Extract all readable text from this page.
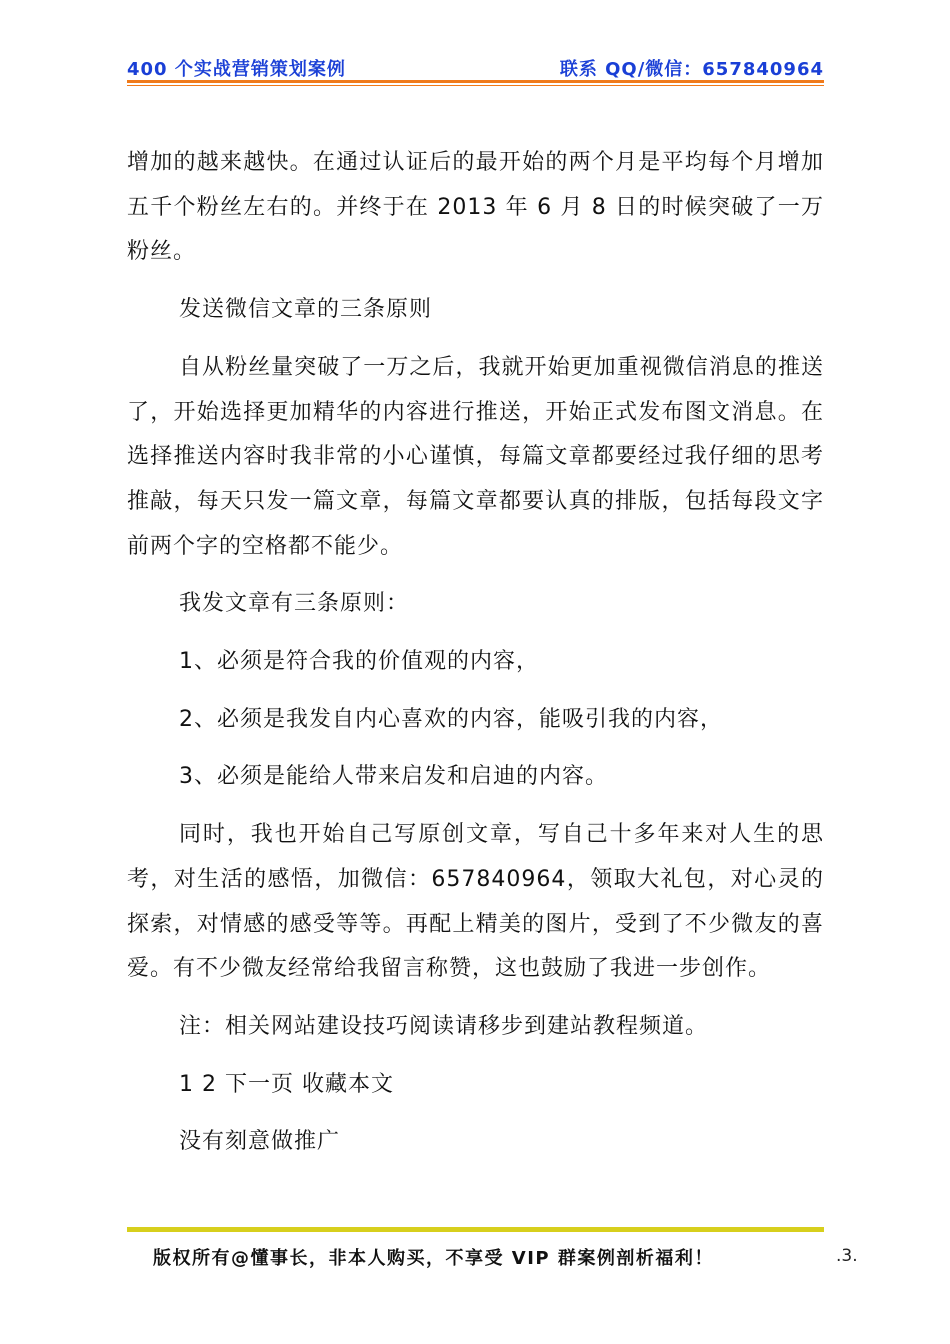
400 个实战营销策划案例	联系 QQ/微信：657840964

增加的越来越快。在通过认证后的最开始的两个月是平均每个月增加五千个粉丝左右的。并终于在 2013 年 6 月 8 日的时候突破了一万粉丝。

发送微信文章的三条原则

自从粉丝量突破了一万之后，我就开始更加重视微信消息的推送了，开始选择更加精华的内容进行推送，开始正式发布图文消息。在选择推送内容时我非常的小心谨慎，每篇文章都要经过我仔细的思考推敲，每天只发一篇文章，每篇文章都要认真的排版，包括每段文字前两个字的空格都不能少。

我发文章有三条原则：

1、必须是符合我的价值观的内容，

2、必须是我发自内心喜欢的内容，能吸引我的内容，

3、必须是能给人带来启发和启迪的内容。

同时，我也开始自己写原创文章，写自己十多年来对人生的思考，对生活的感悟，加微信：657840964，领取大礼包，对心灵的探索，对情感的感受等等。再配上精美的图片，受到了不少微友的喜爱。有不少微友经常给我留言称赞，这也鼓励了我进一步创作。

注：相关网站建设技巧阅读请移步到建站教程频道。

1 2 下一页 收藏本文

没有刻意做推广

版权所有@懂事长，非本人购买，不享受 VIP 群案例剖析福利！	.3.
